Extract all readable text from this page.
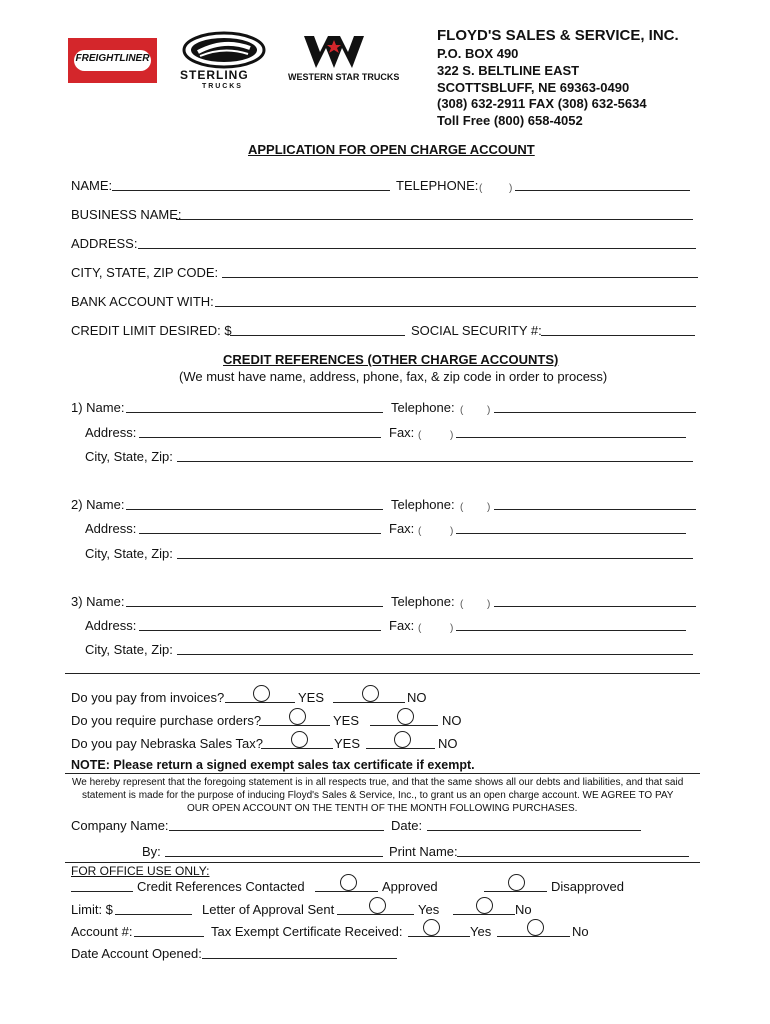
FREIGHTLINER
STERLING
T R U C K S
WESTERN STAR TRUCKS
FLOYD'S SALES & SERVICE, INC.
P.O. BOX 490
322 S. BELTLINE EAST
SCOTTSBLUFF, NE 69363-0490
(308) 632-2911 FAX (308) 632-5634
Toll Free (800) 658-4052
APPLICATION FOR OPEN CHARGE ACCOUNT
NAME:	TELEPHONE: (	)
BUSINESS NAME:
ADDRESS:
CITY, STATE, ZIP CODE:
BANK ACCOUNT WITH:
CREDIT LIMIT DESIRED: $	SOCIAL SECURITY #:
CREDIT REFERENCES (OTHER CHARGE ACCOUNTS)
(We must have name, address, phone, fax, & zip code in order to process)
1) Name:	Telephone: ( )
Address:	Fax: (	)
City, State, Zip:
2) Name:	Telephone: ( )
Address:	Fax: (	)
City, State, Zip:
3) Name:	Telephone: ( )
Address:	Fax: (	)
City, State, Zip:
Do you pay from invoices?	YES	NO
Do you require purchase orders?	YES	NO
Do you pay Nebraska Sales Tax?	YES	NO
NOTE: Please return a signed exempt sales tax certificate if exempt.
We hereby represent that the foregoing statement is in all respects true, and that the same shows all our debts and liabilities, and that said
statement is made for the purpose of inducing Floyd's Sales & Service, Inc., to grant us an open charge account. WE AGREE TO PAY
OUR OPEN ACCOUNT ON THE TENTH OF THE MONTH FOLLOWING PURCHASES.
Company Name:	Date:
By:	Print Name:
FOR OFFICE USE ONLY:
Credit References Contacted	Approved	Disapproved
Limit: $	Letter of Approval Sent	Yes	No
Account #:	Tax Exempt Certificate Received:	Yes	No
Date Account Opened:
